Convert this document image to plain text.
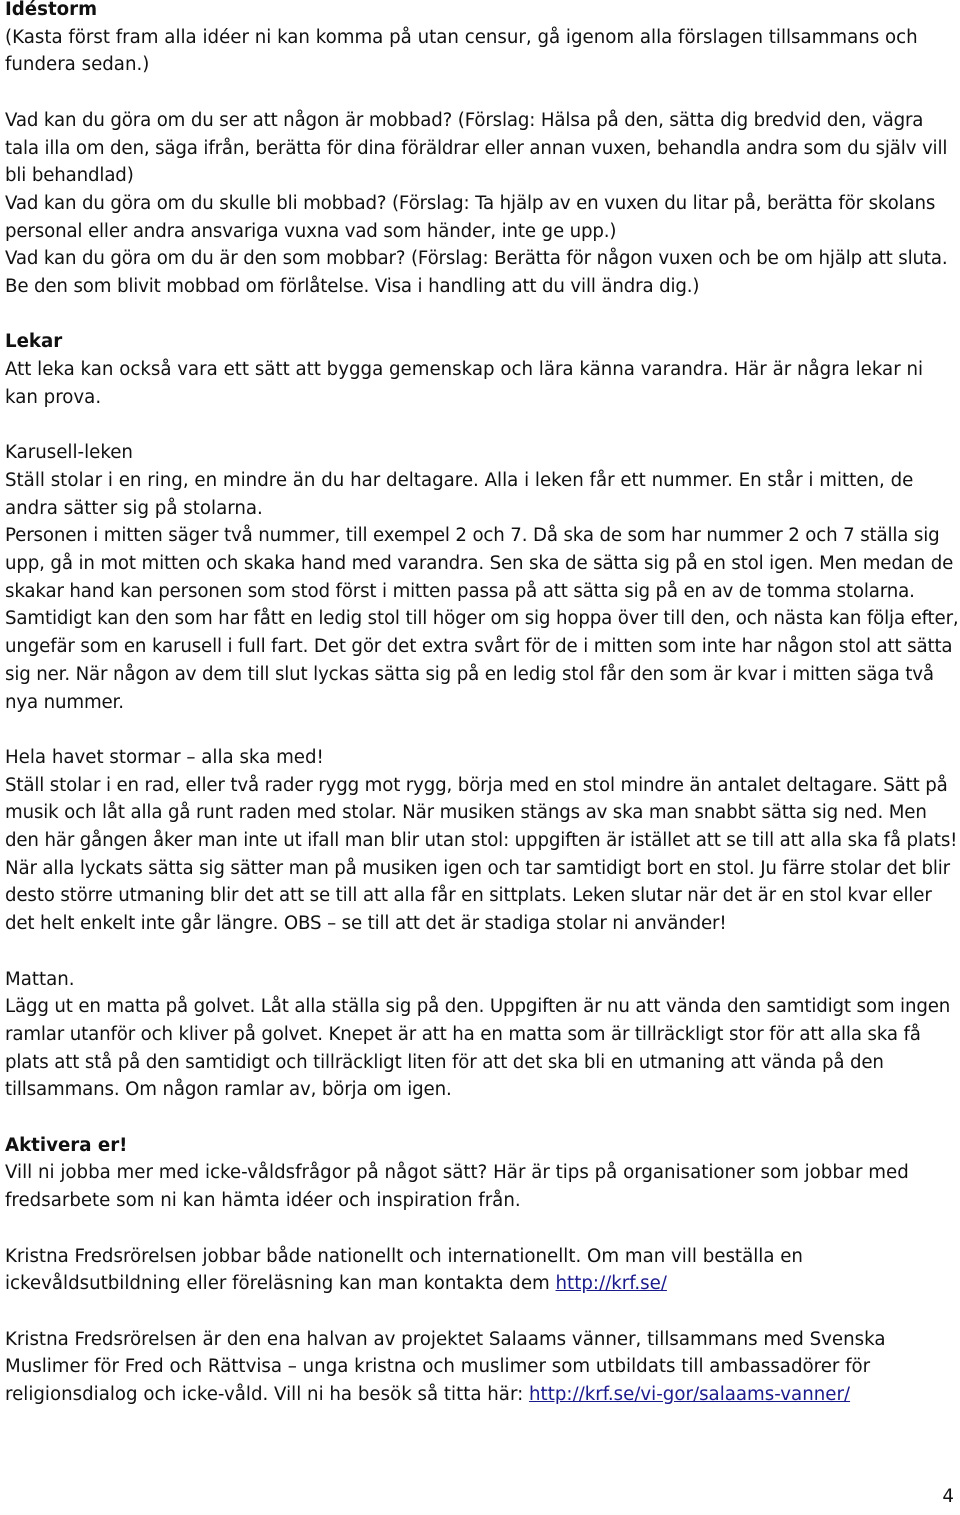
Idéstorm

(Kasta först fram alla idéer ni kan komma på utan censur, gå igenom alla förslagen tillsammans och fundera sedan.)

Vad kan du göra om du ser att någon är mobbad? (Förslag: Hälsa på den, sätta dig bredvid den, vägra tala illa om den, säga ifrån, berätta för dina föräldrar eller annan vuxen, behandla andra som du själv vill bli behandlad)

Vad kan du göra om du skulle bli mobbad? (Förslag: Ta hjälp av en vuxen du litar på, berätta för skolans personal eller andra ansvariga vuxna vad som händer, inte ge upp.)

Vad kan du göra om du är den som mobbar? (Förslag: Berätta för någon vuxen och be om hjälp att sluta. Be den som blivit mobbad om förlåtelse. Visa i handling att du vill ändra dig.)

Lekar

Att leka kan också vara ett sätt att bygga gemenskap och lära känna varandra. Här är några lekar ni kan prova.

Karusell-leken

Ställ stolar i en ring, en mindre än du har deltagare. Alla i leken får ett nummer. En står i mitten, de andra sätter sig på stolarna.

Personen i mitten säger två nummer, till exempel 2 och 7. Då ska de som har nummer 2 och 7 ställa sig upp, gå in mot mitten och skaka hand med varandra. Sen ska de sätta sig på en stol igen. Men medan de skakar hand kan personen som stod först i mitten passa på att sätta sig på en av de tomma stolarna. Samtidigt kan den som har fått en ledig stol till höger om sig hoppa över till den, och nästa kan följa efter, ungefär som en karusell i full fart. Det gör det extra svårt för de i mitten som inte har någon stol att sätta sig ner. När någon av dem till slut lyckas sätta sig på en ledig stol får den som är kvar i mitten säga två nya nummer.

Hela havet stormar – alla ska med!

Ställ stolar i en rad, eller två rader rygg mot rygg, börja med en stol mindre än antalet deltagare. Sätt på musik och låt alla gå runt raden med stolar. När musiken stängs av ska man snabbt sätta sig ned. Men den här gången åker man inte ut ifall man blir utan stol: uppgiften är istället att se till att alla ska få plats! När alla lyckats sätta sig sätter man på musiken igen och tar samtidigt bort en stol. Ju färre stolar det blir desto större utmaning blir det att se till att alla får en sittplats. Leken slutar när det är en stol kvar eller det helt enkelt inte går längre. OBS – se till att det är stadiga stolar ni använder!

Mattan.

Lägg ut en matta på golvet. Låt alla ställa sig på den. Uppgiften är nu att vända den samtidigt som ingen ramlar utanför och kliver på golvet. Knepet är att ha en matta som är tillräckligt stor för att alla ska få plats att stå på den samtidigt och tillräckligt liten för att det ska bli en utmaning att vända på den tillsammans. Om någon ramlar av, börja om igen.

Aktivera er!

Vill ni jobba mer med icke-våldsfrågor på något sätt? Här är tips på organisationer som jobbar med fredsarbete som ni kan hämta idéer och inspiration från.

Kristna Fredsrörelsen jobbar både nationellt och internationellt. Om man vill beställa en ickevåldsutbildning eller föreläsning kan man kontakta dem http://krf.se/

Kristna Fredsrörelsen är den ena halvan av projektet Salaams vänner, tillsammans med Svenska Muslimer för Fred och Rättvisa – unga kristna och muslimer som utbildats till ambassadörer för religionsdialog och icke-våld. Vill ni ha besök så titta här: http://krf.se/vi-gor/salaams-vanner/

4
